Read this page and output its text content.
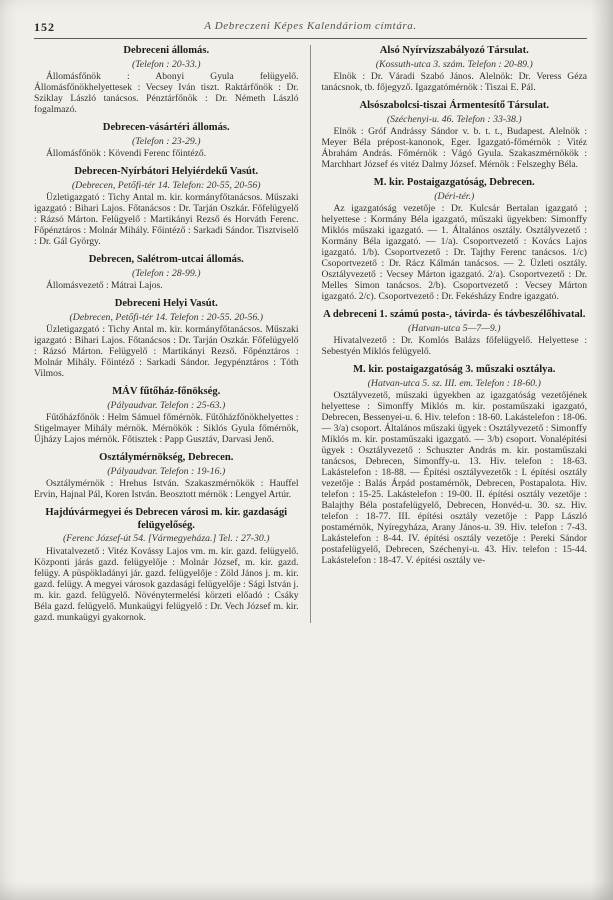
152	A Debreczeni Képes Kalendáriom címtára.
Debreceni állomás.

(Telefon : 20-33.)

Állomásfőnök : Abonyi Gyula felügyelő. Állomásfőnökhelyettesek : Vecsey Iván tiszt. Raktárfőnök : Dr. Sziklay László tanácsos. Pénztárfőnök : Dr. Németh László fogalmazó.

Debrecen-vásártéri állomás.

(Telefon : 23-29.)

Állomásfőnök : Kövendi Ferenc főintéző.

Debrecen-Nyírbátori Helyiérdekű Vasút.

(Debrecen, Petőfi-tér 14. Telefon: 20-55, 20-56)

Üzletigazgató : Tichy Antal m. kir. kormányfőtanácsos. Műszaki igazgató : Bihari Lajos. Főtanácsos : Dr. Tarján Oszkár. Főfelügyelő : Rázsó Márton. Felügyelő : Martikányi Rezső és Horváth Ferenc. Főpénztáros : Molnár Mihály. Főintéző : Sarkadi Sándor. Tisztviselő : Dr. Gál György.

Debrecen, Salétrom-utcai állomás.

(Telefon : 28-99.)

Állomásvezető : Mátrai Lajos.

Debreceni Helyi Vasút.

(Debrecen, Petőfi-tér 14. Telefon : 20-55. 20-56.)

Üzletigazgató : Tichy Antal m. kir. kormányfőtanácsos. Műszaki igazgató : Bihari Lajos. Főtanácsos : Dr. Tarján Oszkár. Főfelügyelő : Rázsó Márton. Felügyelő : Martikányi Rezső. Főpénztáros : Molnár Mihály. Főintéző : Sarkadi Sándor. Jegypénztáros : Tóth Vilmos.

MÁV fűtőház-főnökség.

(Pályaudvar. Telefon : 25-63.)

Fűtőházfőnök : Helm Sámuel főmérnök. Fűtőházfőnökhelyettes : Stigelmayer Mihály mérnök. Mérnökök : Siklós Gyula főmérnök, Újházy Lajos mérnök. Főtisztek : Papp Gusztáv, Darvasi Jenő.

Osztálymérnökség, Debrecen.

(Pályaudvar. Telefon : 19-16.)

Osztálymérnök : Hrehus István. Szakaszmérnökök : Hauffel Ervin, Hajnal Pál, Koren István. Beosztott mérnök : Lengyel Artúr.

Hajdúvármegyei és Debrecen városi m. kir. gazdasági felügyelőség.

(Ferenc József-út 54. [Vármegyeháza.] Tel. : 27-30.)

Hivatalvezető : Vitéz Kovássy Lajos vm. m. kir. gazd. felügyelő. Központi járás gazd. felügyelője : Molnár József, m. kir. gazd. felügy. A püspökladányi jár. gazd. felügyelője : Zöld János j. m. kir. gazd. felügy. A megyei városok gazdasági felügyelője : Sági István j. m. kir. gazd. felügyelő. Növénytermelési körzeti előadó : Csáky Béla gazd. felügyelő. Munkaügyi felügyelő : Dr. Vech József m. kir. gazd. munkaügyi gyakornok.

Alsó Nyírvízszabályozó Társulat.

(Kossuth-utca 3. szám. Telefon : 20-89.)

Elnök : Dr. Váradi Szabó János. Alelnök: Dr. Veress Géza tanácsnok, tb. főjegyző. Igazgatómérnök : Tiszai E. Pál.

Alsószabolcsi-tiszai Ármentesítő Társulat.

(Széchenyi-u. 46. Telefon : 33-38.)

Elnök : Gróf Andrássy Sándor v. b. t. t., Budapest. Alelnök : Meyer Béla prépost-kanonok, Eger. Igazgató-főmérnök : Vitéz Ábrahám András. Főmérnök : Vágó Gyula. Szakaszmérnökök : Marchhart József és vitéz Dalmy József. Mérnök : Felszeghy Béla.

M. kir. Postaigazgatóság, Debrecen.

(Déri-tér.)

Az igazgatóság vezetője : Dr. Kulcsár Bertalan igazgató ; helyettese : Kormány Béla igazgató, műszaki ügyekben: Simonffy Miklós műszaki igazgató. — 1. Általános osztály. Osztályvezető : Kormány Béla igazgató. — 1/a). Csoportvezető : Kovács Lajos igazgató. 1/b). Csoportvezető : Dr. Tajthy Ferenc tanácsos. 1/c) Csoportvezető : Dr. Rácz Kálmán tanácsos. — 2. Üzleti osztály. Osztályvezető : Vecsey Márton igazgató. 2/a). Csoportvezető : Dr. Melles Simon tanácsos. 2/b). Csoportvezető : Vecsey Márton igazgató. 2/c). Csoportvezető : Dr. Fekésházy Endre igazgató.

A debreceni 1. számú posta-, távirda- és távbeszélőhivatal.

(Hatvan-utca 5—7—9.)

Hivatalvezető : Dr. Komlós Balázs főfelügyelő. Helyettese : Sebestyén Miklós felügyelő.

M. kir. postaigazgatóság 3. műszaki osztálya.

(Hatvan-utca 5. sz. III. em. Telefon : 18-60.)

Osztályvezető, műszaki ügyekben az igazgatóság vezetőjének helyettese : Simonffy Miklós m. kir. postaműszaki igazgató, Debrecen, Bessenyei-u. 6. Hiv. telefon : 18-60. Lakástelefon : 18-06. — 3/a) csoport. Általános műszaki ügyek : Osztályvezető : Simonffy Miklós m. kir. postaműszaki igazgató. — 3/b) csoport. Vonalépítési ügyek : Osztályvezető : Schuszter András m. kir. postaműszaki tanácsos, Debrecen, Simonffy-u. 13. Hiv. telefon : 18-63. Lakástelefon : 18-88. — Építési osztályvezetők : I. építési osztály vezetője : Balás Árpád postamérnök, Debrecen, Postapalota. Hiv. telefon : 15-25. Lakástelefon : 19-00. II. építési osztály vezetője : Balajthy Béla postafelügyelő, Debrecen, Honvéd-u. 30. sz. Hiv. telefon : 18-77. III. építési osztály vezetője : Papp László postamérnök, Nyíregyháza, Arany János-u. 39. Hiv. telefon : 7-43. Lakástelefon : 8-44. IV. építési osztály vezetője : Pereki Sándor postafelügyelő, Debrecen, Széchenyi-u. 43. Hiv. telefon : 15-44. Lakástelefon : 18-47. V. építési osztály ve-
